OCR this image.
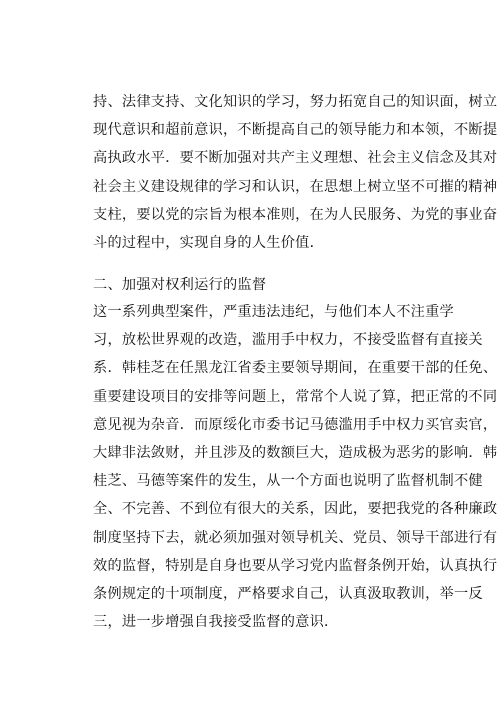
持、法律支持、文化知识的学习，努力拓宽自己的知识面，树立
现代意识和超前意识，不断提高自己的领导能力和本领，不断提
高执政水平．要不断加强对共产主义理想、社会主义信念及其对
社会主义建设规律的学习和认识，在思想上树立坚不可摧的精神
支柱，要以党的宗旨为根本准则，在为人民服务、为党的事业奋
斗的过程中，实现自身的人生价值．
二、加强对权利运行的监督
这一系列典型案件，严重违法违纪，与他们本人不注重学
习，放松世界观的改造，滥用手中权力，不接受监督有直接关
系．韩桂芝在任黑龙江省委主要领导期间，在重要干部的任免、
重要建设项目的安排等问题上，常常个人说了算，把正常的不同
意见视为杂音．而原绥化市委书记马德滥用手中权力买官卖官，
大肆非法敛财，并且涉及的数额巨大，造成极为恶劣的影响．韩
桂芝、马德等案件的发生，从一个方面也说明了监督机制不健
全、不完善、不到位有很大的关系，因此，要把我党的各种廉政
制度坚持下去，就必须加强对领导机关、党员、领导干部进行有
效的监督，特别是自身也要从学习党内监督条例开始，认真执行
条例规定的十项制度，严格要求自己，认真汲取教训，举一反
三，进一步增强自我接受监督的意识．
